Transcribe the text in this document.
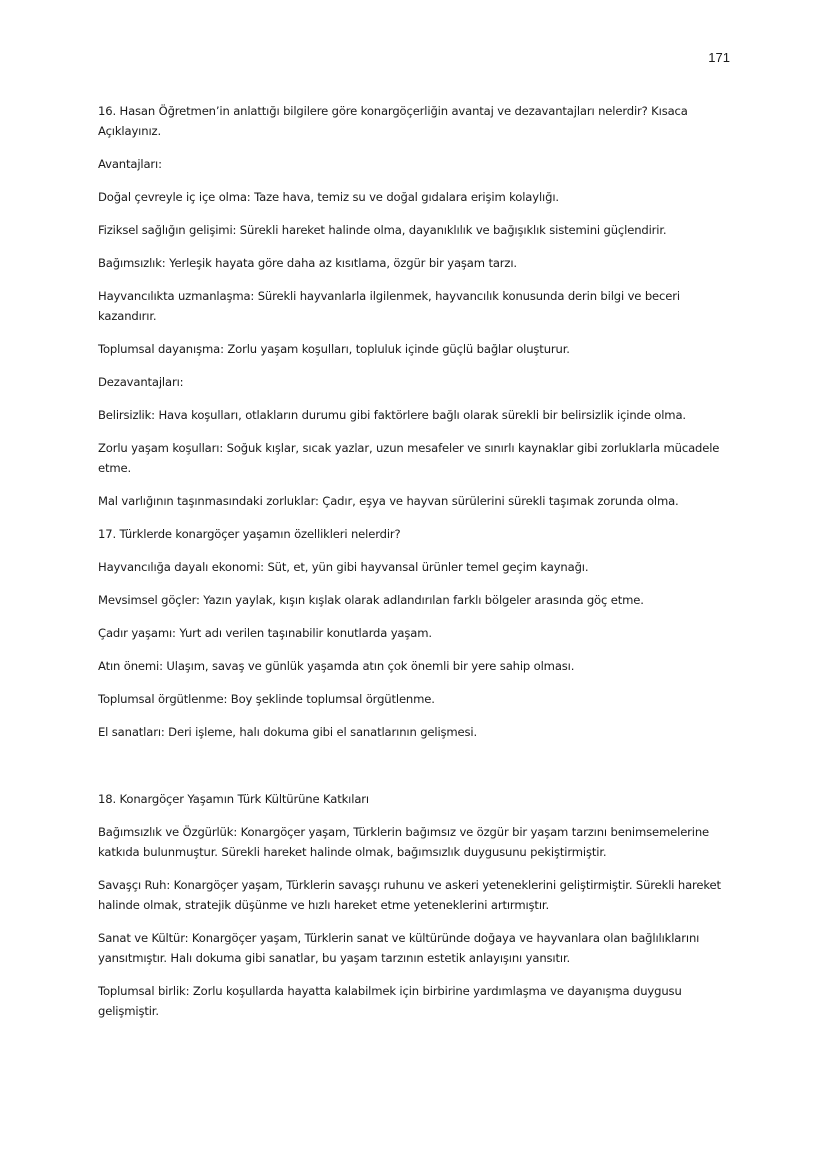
171

16. Hasan Öğretmen’in anlattığı bilgilere göre konargöçerliğin avantaj ve dezavantajları nelerdir? Kısaca Açıklayınız.

Avantajları:

Doğal çevreyle iç içe olma: Taze hava, temiz su ve doğal gıdalara erişim kolaylığı.

Fiziksel sağlığın gelişimi: Sürekli hareket halinde olma, dayanıklılık ve bağışıklık sistemini güçlendirir.

Bağımsızlık: Yerleşik hayata göre daha az kısıtlama, özgür bir yaşam tarzı.

Hayvancılıkta uzmanlaşma: Sürekli hayvanlarla ilgilenmek, hayvancılık konusunda derin bilgi ve beceri kazandırır.

Toplumsal dayanışma: Zorlu yaşam koşulları, topluluk içinde güçlü bağlar oluşturur.

Dezavantajları:

Belirsizlik: Hava koşulları, otlakların durumu gibi faktörlere bağlı olarak sürekli bir belirsizlik içinde olma.

Zorlu yaşam koşulları: Soğuk kışlar, sıcak yazlar, uzun mesafeler ve sınırlı kaynaklar gibi zorluklarla mücadele etme.

Mal varlığının taşınmasındaki zorluklar: Çadır, eşya ve hayvan sürülerini sürekli taşımak zorunda olma.

17. Türklerde konargöçer yaşamın özellikleri nelerdir?

Hayvancılığa dayalı ekonomi: Süt, et, yün gibi hayvansal ürünler temel geçim kaynağı.

Mevsimsel göçler: Yazın yaylak, kışın kışlak olarak adlandırılan farklı bölgeler arasında göç etme.

Çadır yaşamı: Yurt adı verilen taşınabilir konutlarda yaşam.

Atın önemi: Ulaşım, savaş ve günlük yaşamda atın çok önemli bir yere sahip olması.

Toplumsal örgütlenme: Boy şeklinde toplumsal örgütlenme.

El sanatları: Deri işleme, halı dokuma gibi el sanatlarının gelişmesi.

18. Konargöçer Yaşamın Türk Kültürüne Katkıları

Bağımsızlık ve Özgürlük: Konargöçer yaşam, Türklerin bağımsız ve özgür bir yaşam tarzını benimsemelerine katkıda bulunmuştur. Sürekli hareket halinde olmak, bağımsızlık duygusunu pekiştirmiştir.

Savaşçı Ruh: Konargöçer yaşam, Türklerin savaşçı ruhunu ve askeri yeteneklerini geliştirmiştir. Sürekli hareket halinde olmak, stratejik düşünme ve hızlı hareket etme yeteneklerini artırmıştır.

Sanat ve Kültür: Konargöçer yaşam, Türklerin sanat ve kültüründe doğaya ve hayvanlara olan bağlılıklarını yansıtmıştır. Halı dokuma gibi sanatlar, bu yaşam tarzının estetik anlayışını yansıtır.

Toplumsal birlik: Zorlu koşullarda hayatta kalabilmek için birbirine yardımlaşma ve dayanışma duygusu gelişmiştir.
